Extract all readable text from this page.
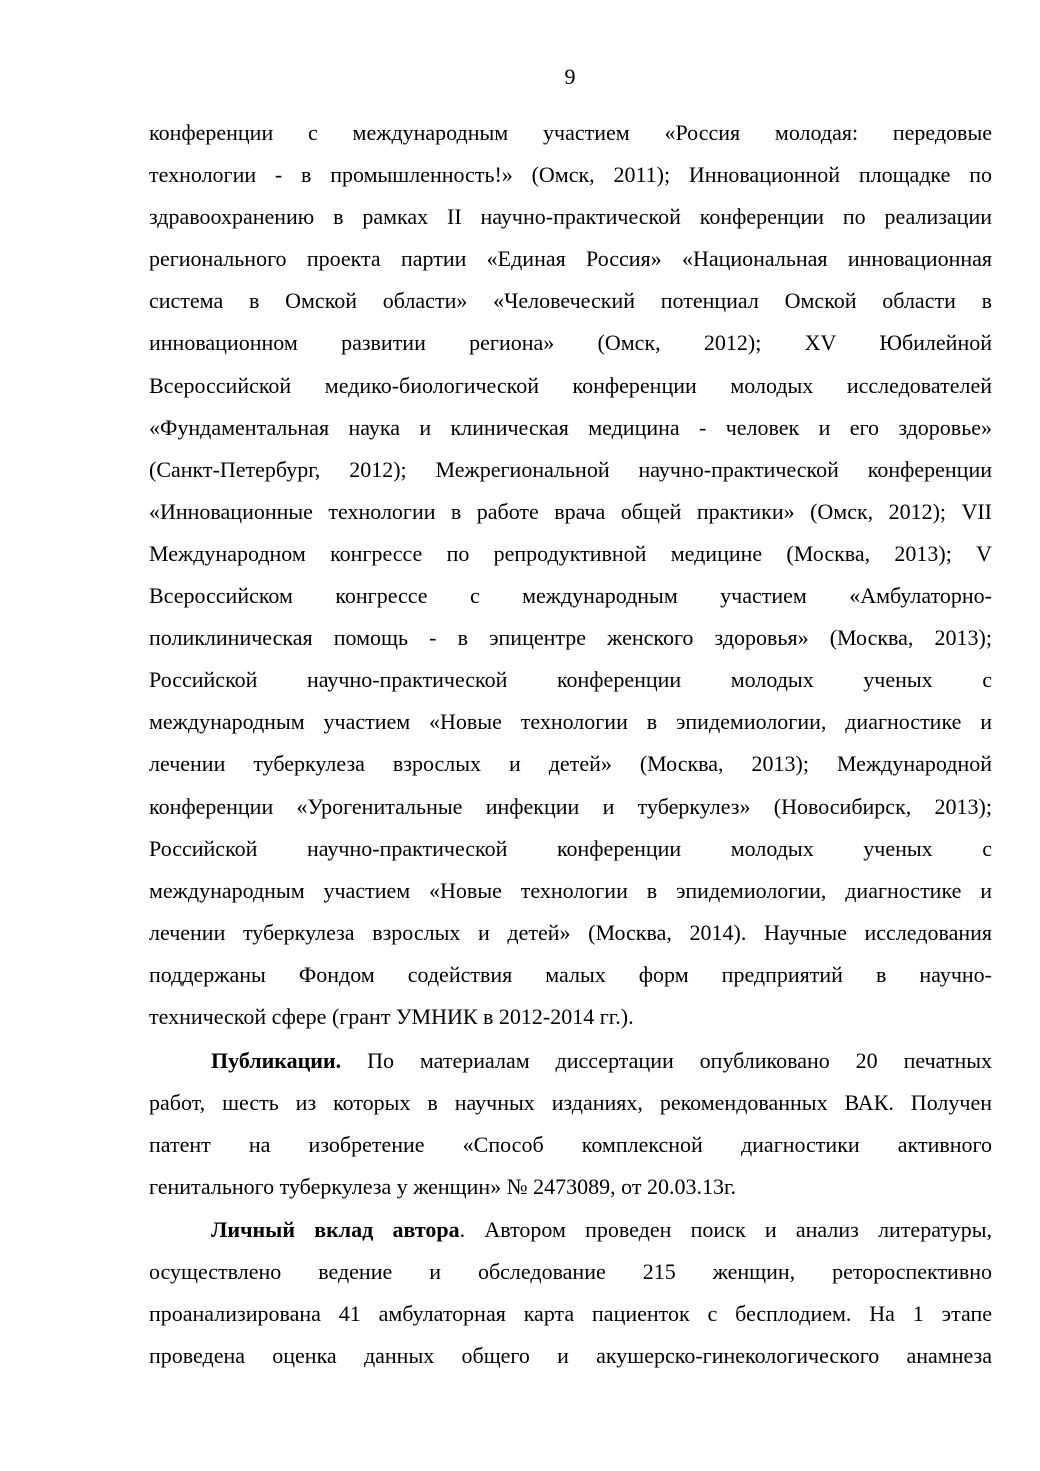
9
конференции с международным участием «Россия молодая: передовые
технологии - в промышленность!» (Омск, 2011); Инновационной площадке по
здравоохранению в рамках II научно-практической конференции по реализации
регионального проекта партии «Единая Россия» «Национальная инновационная
система в Омской области» «Человеческий потенциал Омской области в
инновационном развитии региона» (Омск, 2012); XV Юбилейной
Всероссийской медико-биологической конференции молодых исследователей
«Фундаментальная наука и клиническая медицина - человек и его здоровье»
(Санкт-Петербург, 2012); Межрегиональной научно-практической конференции
«Инновационные технологии в работе врача общей практики» (Омск, 2012); VII
Международном конгрессе по репродуктивной медицине (Москва, 2013); V
Всероссийском конгрессе с международным участием «Амбулаторно-
поликлиническая помощь - в эпицентре женского здоровья» (Москва, 2013);
Российской научно-практической конференции молодых ученых с
международным участием «Новые технологии в эпидемиологии, диагностике и
лечении туберкулеза взрослых и детей» (Москва, 2013); Международной
конференции «Урогенитальные инфекции и туберкулез» (Новосибирск, 2013);
Российской научно-практической конференции молодых ученых с
международным участием «Новые технологии в эпидемиологии, диагностике и
лечении туберкулеза взрослых и детей» (Москва, 2014). Научные исследования
поддержаны Фондом содействия малых форм предприятий в научно-
технической сфере (грант УМНИК в 2012-2014 гг.).
Публикации. По материалам диссертации опубликовано 20 печатных
работ, шесть из которых в научных изданиях, рекомендованных ВАК. Получен
патент на изобретение «Способ комплексной диагностики активного
генитального туберкулеза у женщин» № 2473089, от 20.03.13г.
Личный вклад автора. Автором проведен поиск и анализ литературы,
осуществлено ведение и обследование 215 женщин, ретороспективно
проанализирована 41 амбулаторная карта пациенток с бесплодием. На 1 этапе
проведена оценка данных общего и акушерско-гинекологического анамнеза
